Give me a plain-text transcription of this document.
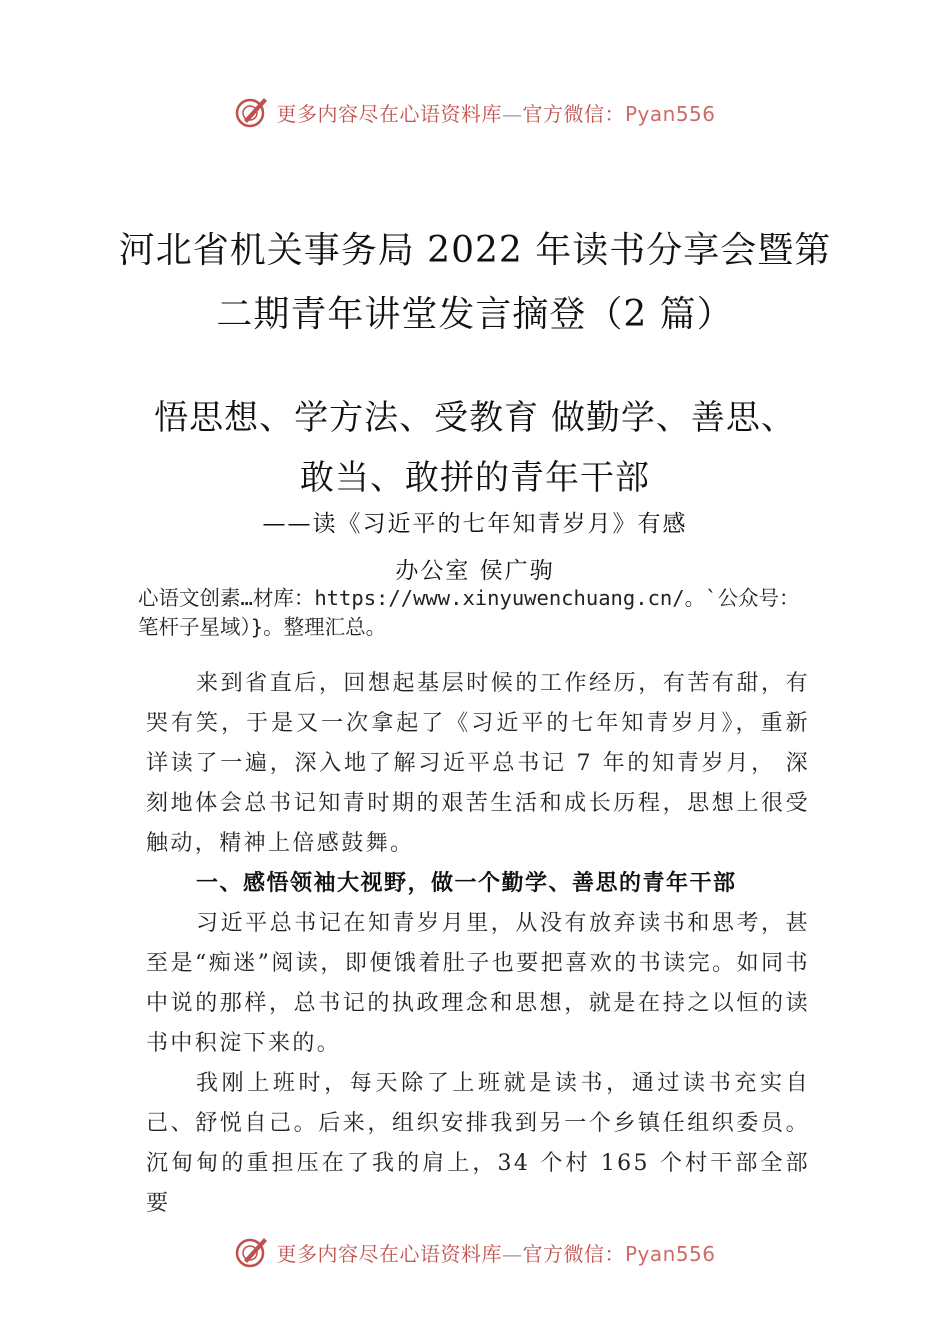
更多内容尽在心语资料库—官方微信：Pyan556
河北省机关事务局 2022 年读书分享会暨第
二期青年讲堂发言摘登（2 篇）
悟思想、学方法、受教育 做勤学、善思、
敢当、敢拼的青年干部
——读《习近平的七年知青岁月》有感
办公室 侯广驹
心语文创素…材库：https://www.xinyuwenchuang.cn/。`公众号：笔杆子星域）}。整理汇总。
来到省直后，回想起基层时候的工作经历，有苦有甜，有哭有笑，于是又一次拿起了《习近平的七年知青岁月》，重新详读了一遍，深入地了解习近平总书记 7 年的知青岁月， 深刻地体会总书记知青时期的艰苦生活和成长历程，思想上很受触动，精神上倍感鼓舞。
一、感悟领袖大视野，做一个勤学、善思的青年干部
习近平总书记在知青岁月里，从没有放弃读书和思考，甚至是“痴迷”阅读，即便饿着肚子也要把喜欢的书读完。如同书中说的那样，总书记的执政理念和思想，就是在持之以恒的读书中积淀下来的。
我刚上班时，每天除了上班就是读书，通过读书充实自己、舒悦自己。后来，组织安排我到另一个乡镇任组织委员。沉甸甸的重担压在了我的肩上，34 个村 165 个村干部全部要
更多内容尽在心语资料库—官方微信：Pyan556
